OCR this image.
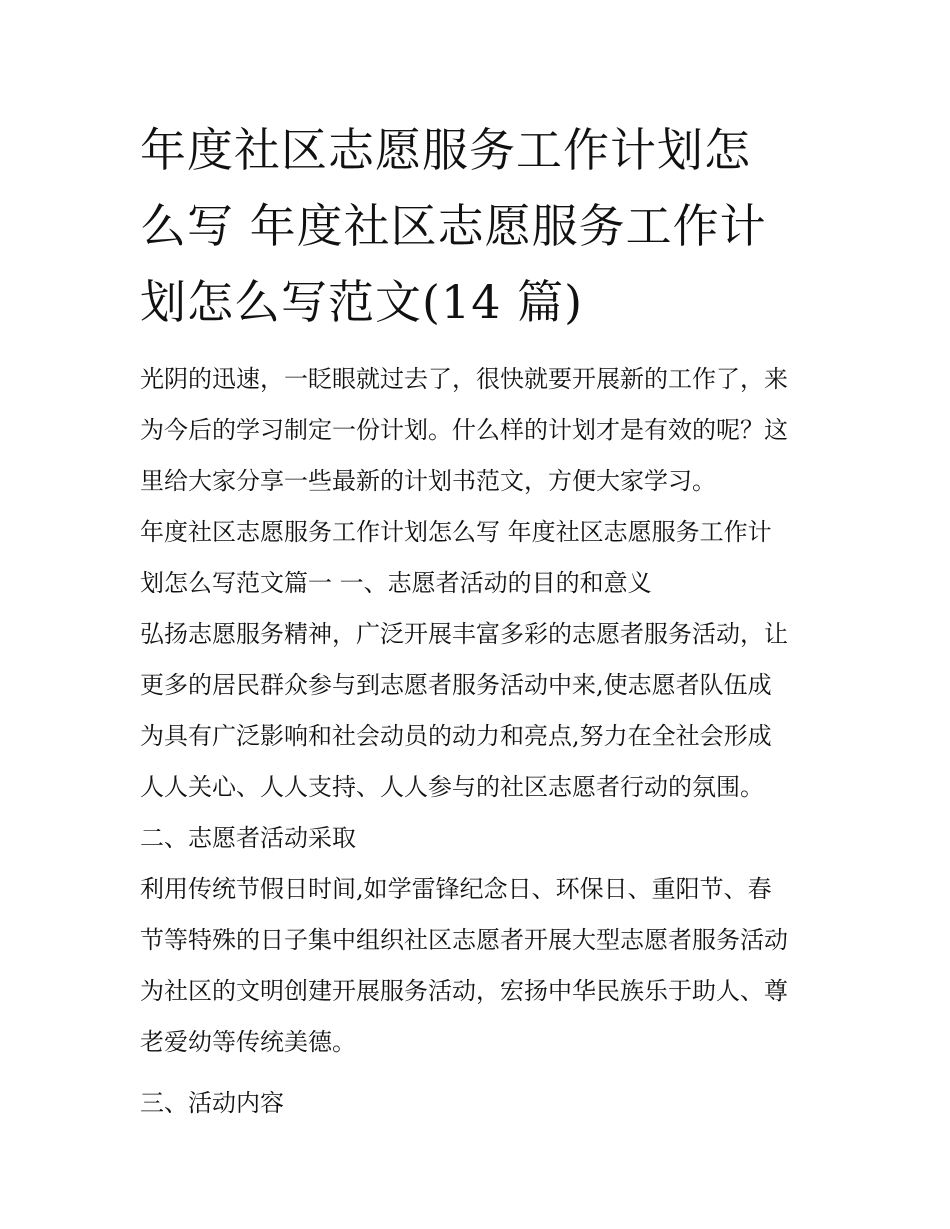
年度社区志愿服务工作计划怎
么写 年度社区志愿服务工作计
划怎么写范文(14 篇)

光阴的迅速，一眨眼就过去了，很快就要开展新的工作了，来

为今后的学习制定一份计划。什么样的计划才是有效的呢？这

里给大家分享一些最新的计划书范文，方便大家学习。

年度社区志愿服务工作计划怎么写 年度社区志愿服务工作计

划怎么写范文篇一 一、志愿者活动的目的和意义

弘扬志愿服务精神，广泛开展丰富多彩的志愿者服务活动，让

更多的居民群众参与到志愿者服务活动中来,使志愿者队伍成

为具有广泛影响和社会动员的动力和亮点,努力在全社会形成

人人关心、人人支持、人人参与的社区志愿者行动的氛围。

二、志愿者活动采取

利用传统节假日时间,如学雷锋纪念日、环保日、重阳节、春

节等特殊的日子集中组织社区志愿者开展大型志愿者服务活动

为社区的文明创建开展服务活动，宏扬中华民族乐于助人、尊

老爱幼等传统美德。

三、活动内容
